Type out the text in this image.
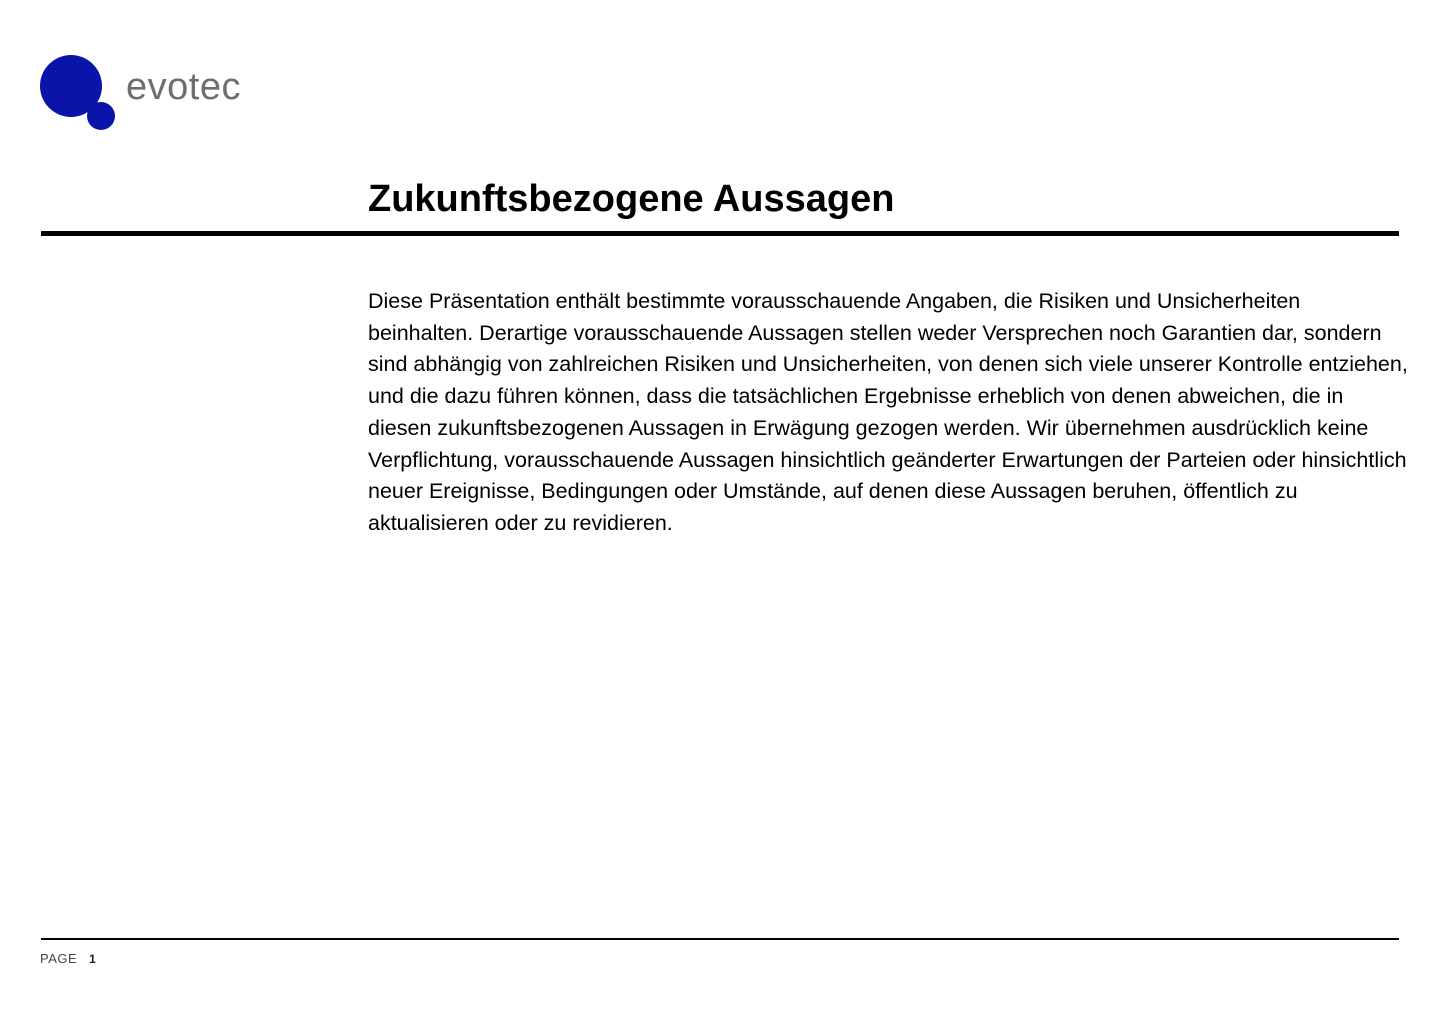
evotec
Zukunftsbezogene Aussagen

Diese Präsentation enthält bestimmte vorausschauende Angaben, die Risiken und Unsicherheiten beinhalten. Derartige vorausschauende Aussagen stellen weder Versprechen noch Garantien dar, sondern sind abhängig von zahlreichen Risiken und Unsicherheiten, von denen sich viele unserer Kontrolle entziehen, und die dazu führen können, dass die tatsächlichen Ergebnisse erheblich von denen abweichen, die in diesen zukunftsbezogenen Aussagen in Erwägung gezogen werden. Wir übernehmen ausdrücklich keine Verpflichtung, vorausschauende Aussagen hinsichtlich geänderter Erwartungen der Parteien oder hinsichtlich neuer Ereignisse, Bedingungen oder Umstände, auf denen diese Aussagen beruhen, öffentlich zu aktualisieren oder zu revidieren.

PAGE 1
